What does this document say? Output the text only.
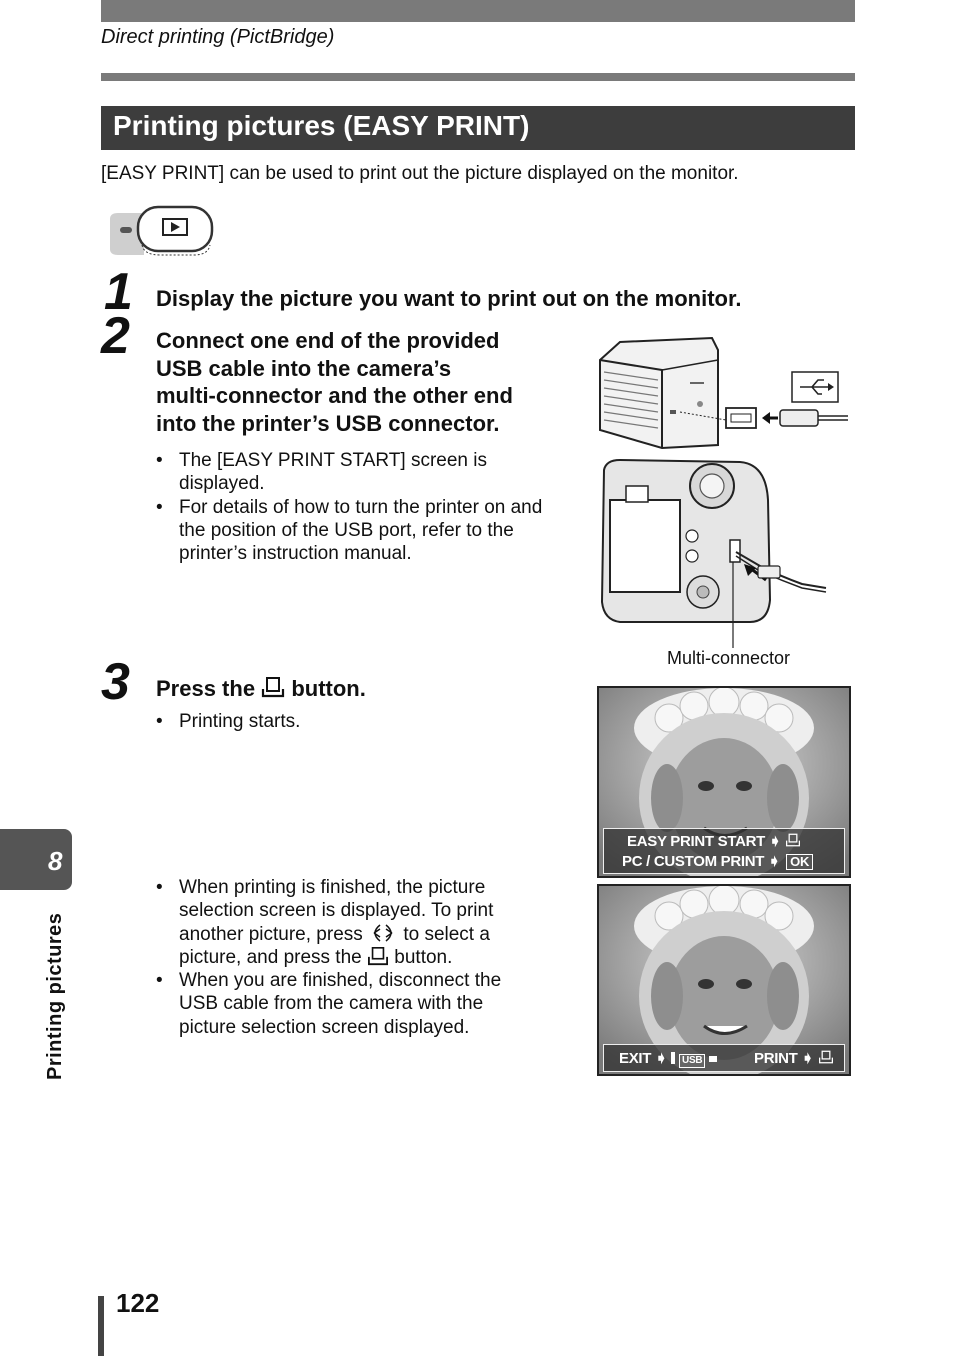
Direct printing (PictBridge)
Printing pictures (EASY PRINT)
[EASY PRINT] can be used to print out the picture displayed on the monitor.
1 Display the picture you want to print out on the monitor.
2 Connect one end of the provided
USB cable into the camera’s
multi-connector and the other end
into the printer’s USB connector.
• The [EASY PRINT START] screen is displayed.
• For details of how to turn the printer on and the position of the USB port, refer to the printer’s instruction manual.
Multi-connector
3 Press the button.
• Printing starts.
• When printing is finished, the picture selection screen is displayed. To print another picture, press to select a picture, and press the button.
• When you are finished, disconnect the USB cable from the camera with the picture selection screen displayed.
EASY PRINT START ➧
PC / CUSTOM PRINT ➧ OK
EXIT ➧ USB	PRINT ➧
8
Printing pictures
122
